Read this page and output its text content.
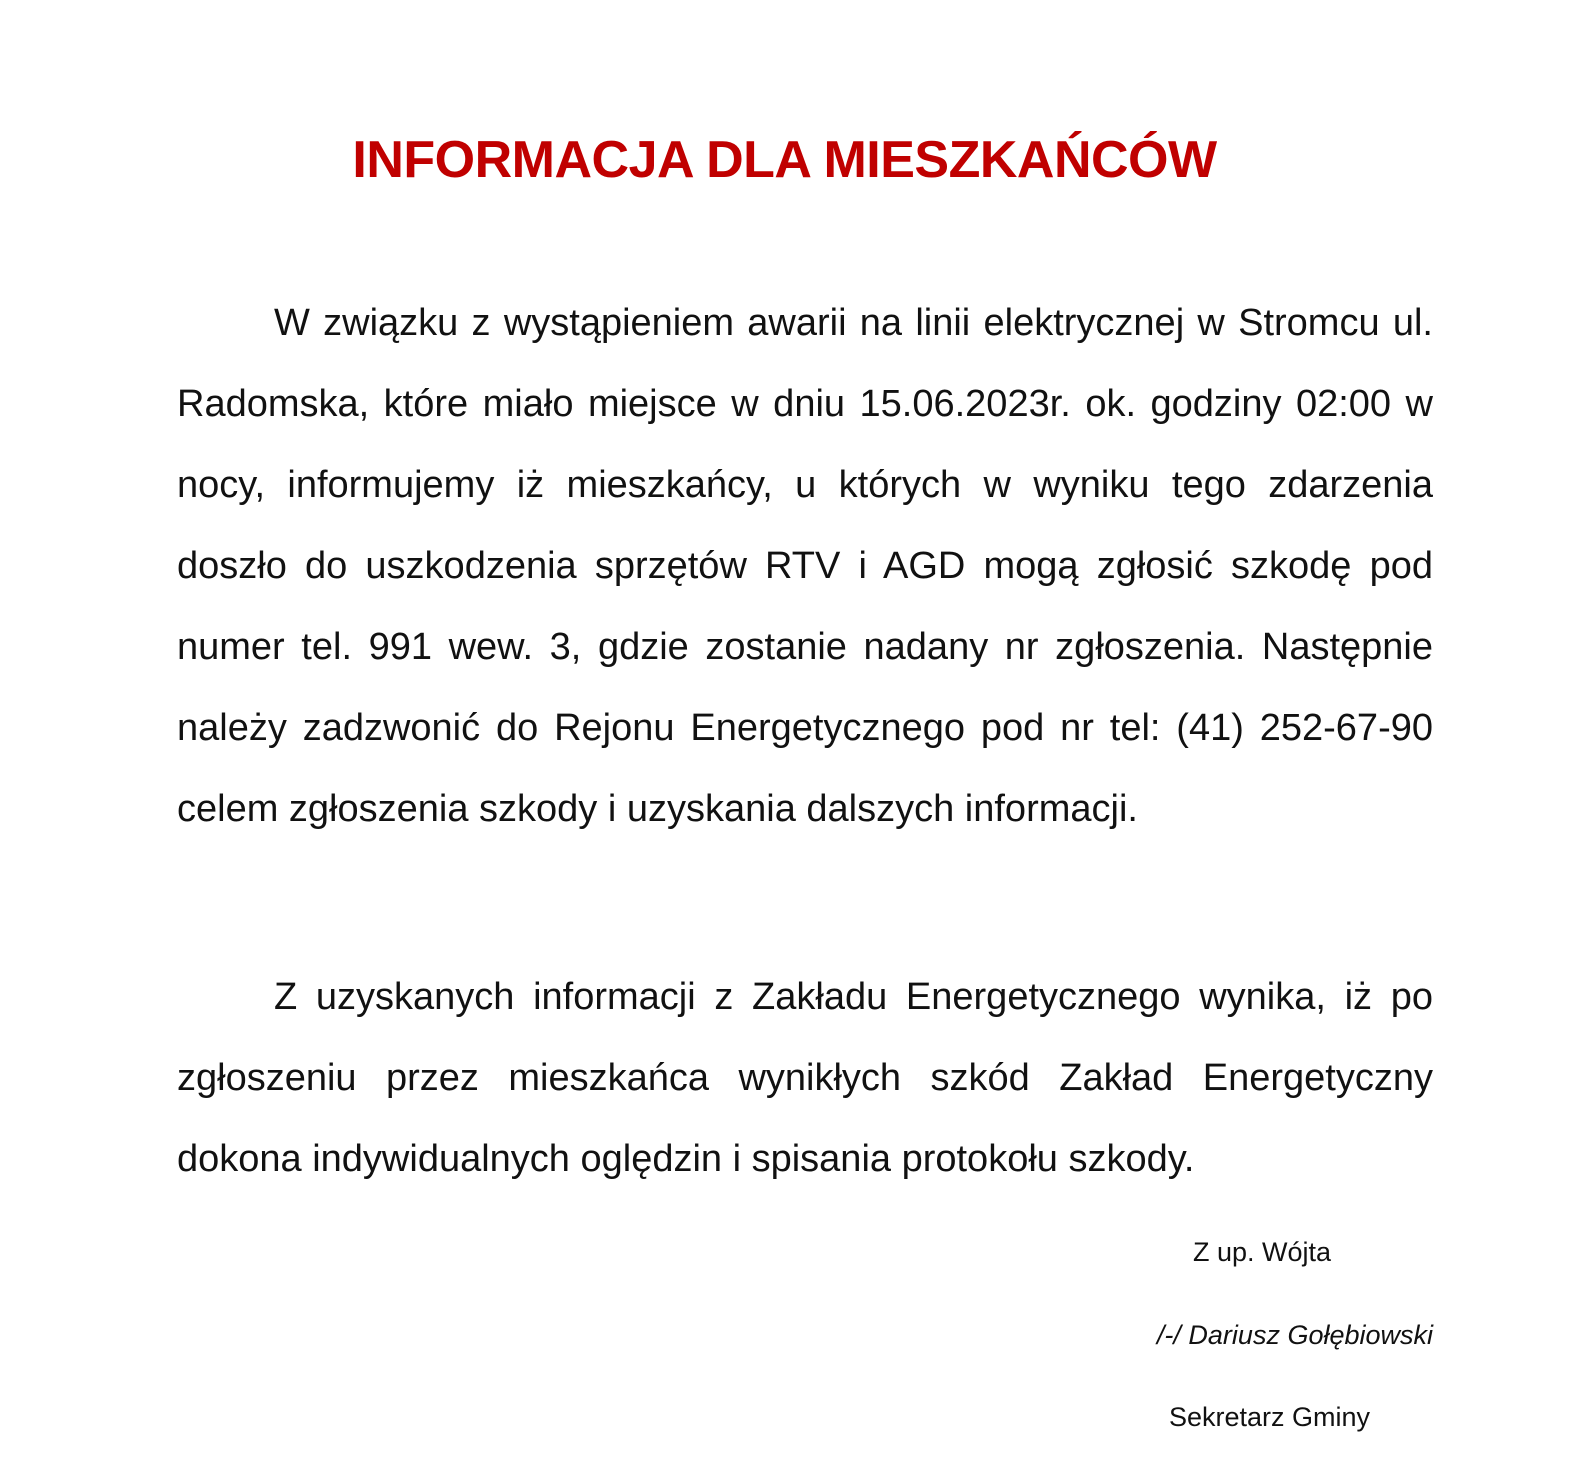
INFORMACJA DLA MIESZKAŃCÓW

W związku z wystąpieniem awarii na linii elektrycznej w Stromcu ul. Radomska, które miało miejsce w dniu 15.06.2023r. ok. godziny 02:00 w nocy, informujemy iż mieszkańcy, u których w wyniku tego zdarzenia doszło do uszkodzenia sprzętów RTV i AGD mogą zgłosić szkodę pod numer tel. 991 wew. 3, gdzie zostanie nadany nr zgłoszenia. Następnie należy zadzwonić do Rejonu Energetycznego pod nr tel: (41) 252-67-90 celem zgłoszenia szkody i uzyskania dalszych informacji.

Z uzyskanych informacji z Zakładu Energetycznego wynika, iż po zgłoszeniu przez mieszkańca wynikłych szkód Zakład Energetyczny dokona indywidualnych oględzin i spisania protokołu szkody.

Z up. Wójta
/-/ Dariusz Gołębiowski
Sekretarz Gminy
